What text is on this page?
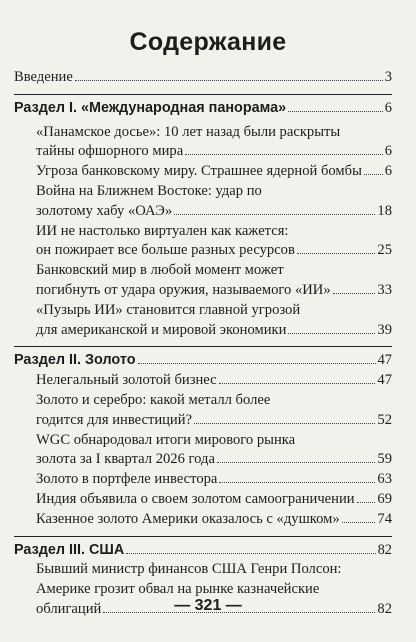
Содержание
Введение	3
Раздел I. «Международная панорама»	6
«Панамское досье»: 10 лет назад были раскрыты
тайны офшорного мира	6
Угроза банковскому миру. Страшнее ядерной бомбы 6
Война на Ближнем Востоке: удар по
золотому хабу «ОАЭ»	18
ИИ не настолько виртуален как кажется:
он пожирает все больше разных ресурсов	25
Банковский мир в любой момент может
погибнуть от удара оружия, называемого «ИИ»	33
«Пузырь ИИ» становится главной угрозой
для американской и мировой экономики	39
Раздел II. Золото	47
Нелегальный золотой бизнес	47
Золото и серебро: какой металл более
годится для инвестиций?	52
WGC обнародовал итоги мирового рынка
золота за I квартал 2026 года	59
Золото в портфеле инвестора	63
Индия объявила о своем золотом самоограничении 69
Казенное золото Америки оказалось с «душком»	74
Раздел III. США	82
Бывший министр финансов США Генри Полсон:
Америке грозит обвал на рынке казначейские
облигаций	82
— 321 —
